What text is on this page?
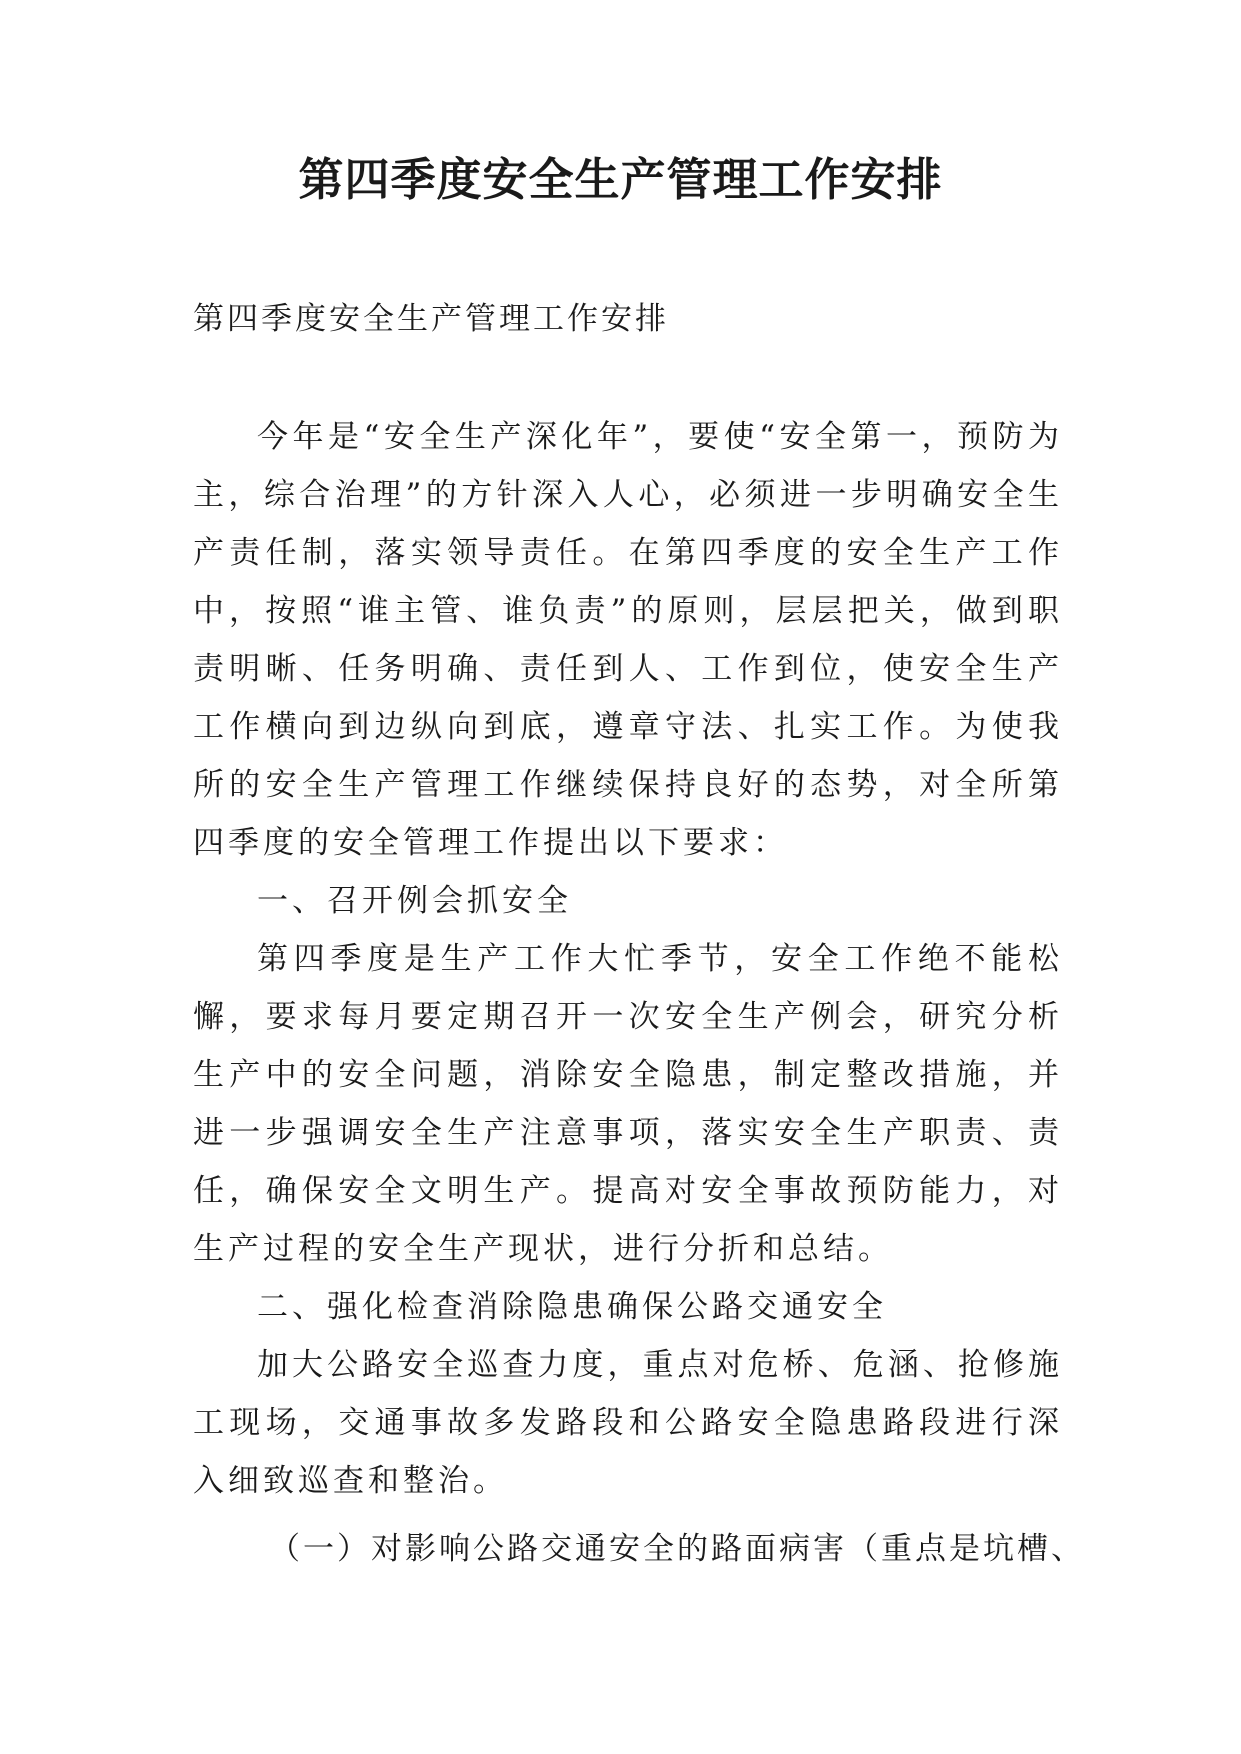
第四季度安全生产管理工作安排

第四季度安全生产管理工作安排

今年是“安全生产深化年”，要使“安全第一，预防为主，综合治理”的方针深入人心，必须进一步明确安全生产责任制，落实领导责任。在第四季度的安全生产工作中，按照“谁主管、谁负责”的原则，层层把关，做到职责明晰、任务明确、责任到人、工作到位，使安全生产工作横向到边纵向到底，遵章守法、扎实工作。为使我所的安全生产管理工作继续保持良好的态势，对全所第四季度的安全管理工作提出以下要求：

一、召开例会抓安全

第四季度是生产工作大忙季节，安全工作绝不能松懈，要求每月要定期召开一次安全生产例会，研究分析生产中的安全问题，消除安全隐患，制定整改措施，并进一步强调安全生产注意事项，落实安全生产职责、责任，确保安全文明生产。提高对安全事故预防能力，对生产过程的安全生产现状，进行分折和总结。

二、强化检查消除隐患确保公路交通安全

加大公路安全巡查力度，重点对危桥、危涵、抢修施工现场，交通事故多发路段和公路安全隐患路段进行深入细致巡查和整治。

（一）对影响公路交通安全的路面病害（重点是坑槽、
